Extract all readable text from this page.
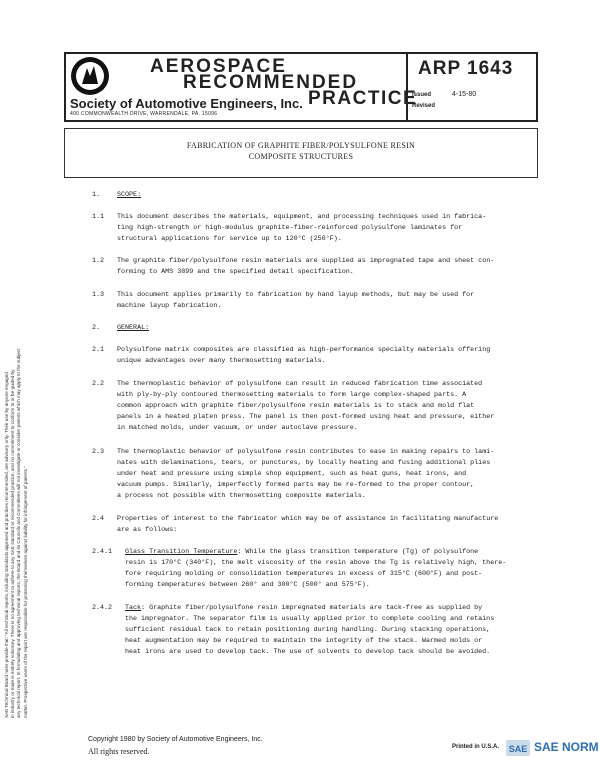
AEROSPACE
RECOMMENDED
PRACTICE
Society of Automotive Engineers, Inc.
400 COMMONWEALTH DRIVE, WARRENDALE, PA. 15096
ARP 1643
Issued	4-15-80
Revised
FABRICATION OF GRAPHITE FIBER/POLYSULFONE RESIN
COMPOSITE STRUCTURES
1.	SCOPE:
1.1 This document describes the materials, equipment, and processing techniques used in fabrica-
ting high-strength or high-modulus graphite-fiber-reinforced polysulfone laminates for
structural applications for service up to 120°C (250°F).
1.2 The graphite fiber/polysulfone resin materials are supplied as impregnated tape and sheet con-
forming to AMS 3899 and the specified detail specification.
1.3 This document applies primarily to fabrication by hand layup methods, but may be used for
machine layup fabrication.
2.	GENERAL:
2.1 Polysulfone matrix composites are classified as high-performance specialty materials offering
unique advantages over many thermosetting materials.
2.2 The thermoplastic behavior of polysulfone can result in reduced fabrication time associated
with ply-by-ply contoured thermosetting materials to form large complex-shaped parts. A
common approach with graphite fiber/polysulfone resin materials is to stack and mold flat
panels in a heated platen press. The panel is then post-formed using heat and pressure, either
in matched molds, under vacuum, or under autoclave pressure.
2.3 The thermoplastic behavior of polysulfone resin contributes to ease in making repairs to lami-
nates with delaminations, tears, or punctures, by locally heating and fusing additional plies
under heat and pressure using simple shop equipment, such as heat guns, heat irons, and
vacuum pumps. Similarly, imperfectly formed parts may be re-formed to the proper contour,
a process not possible with thermosetting composite materials.
2.4 Properties of interest to the fabricator which may be of assistance in facilitating manufacture
are as follows:
2.4.1 Glass Transition Temperature: While the glass transition temperature (Tg) of polysulfone
resin is 170°C (340°F), the melt viscosity of the resin above the Tg is relatively high, there-
fore requiring molding or consolidation temperatures in excess of 315°C (600°F) and post-
forming temperatures between 260° and 300°C (500° and 575°F).
2.4.2 Tack: Graphite fiber/polysulfone resin impregnated materials are tack-free as supplied by
the impregnator. The separator film is usually applied prior to complete cooling and retains
sufficient residual tack to retain positioning during handling. During stacking operations,
heat augmentation may be required to maintain the integrity of the stack. Warmed molds or
heat irons are used to develop tack. The use of solvents to develop tack should be avoided.
SAE Technical Board rules provide that: "All technical reports, including standards approved and practices recommended, are advisory only. Their use by anyone engaged in industry or trade is entirely voluntary. There is no agreement to adhere to any SAE standard or recommended practice, and no commitment to conform to or be guided by any technical report. In formulating and approving technical reports, the Board and its Councils and Committees will not investigate or consider patents which may apply to the subject matter. Prospective users of the report are responsible for protecting themselves against liability for infringement of patents."
Copyright 1980 by Society of Automotive Engineers, Inc.
All rights reserved.	Printed in U.S.A. SAE SAE NORM
